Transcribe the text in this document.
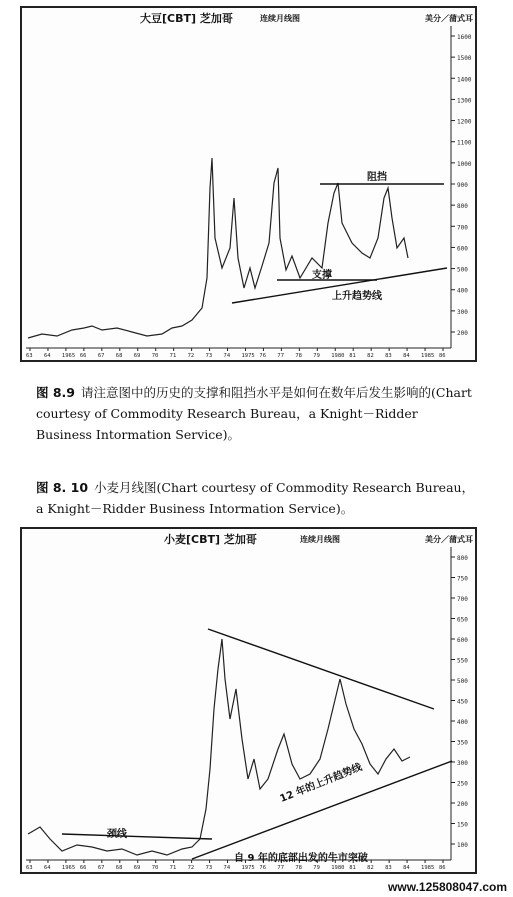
1600
1500
1400
1300
1200
1100
1000
900
800
700
600
500
400
300
200
63 64 1965 66 67 68 69 70 71 72 73 74 1975 76 77 78 79 1980 81 82 83 84 1985 86
大豆[CBT] 芝加哥	连续月线图	美分／蒲式耳
阻挡
支撑
上升趋势线
图 8.9 请注意图中的历史的支撑和阻挡水平是如何在数年后发生影响的(Chart courtesy of Commodity Research Bureau，a Knight－Ridder Business Intormation Service)。
图 8. 10 小麦月线图(Chart courtesy of Commodity Research Bureau，a Knight－Ridder Business Intormation Service)。
800
750
700
650
600
550
500
450
400
350
300
250
200
150
100
63 64 1965 66 67 68 69 70 71 72 73 74 1975 76 77 78 79 1980 81 82 83 84 1985 86
小麦[CBT] 芝加哥	连续月线图	美分／蒲式耳
颈线
12 年的上升趋势线
自 9 年的底部出发的牛市突破
www.125808047.com
